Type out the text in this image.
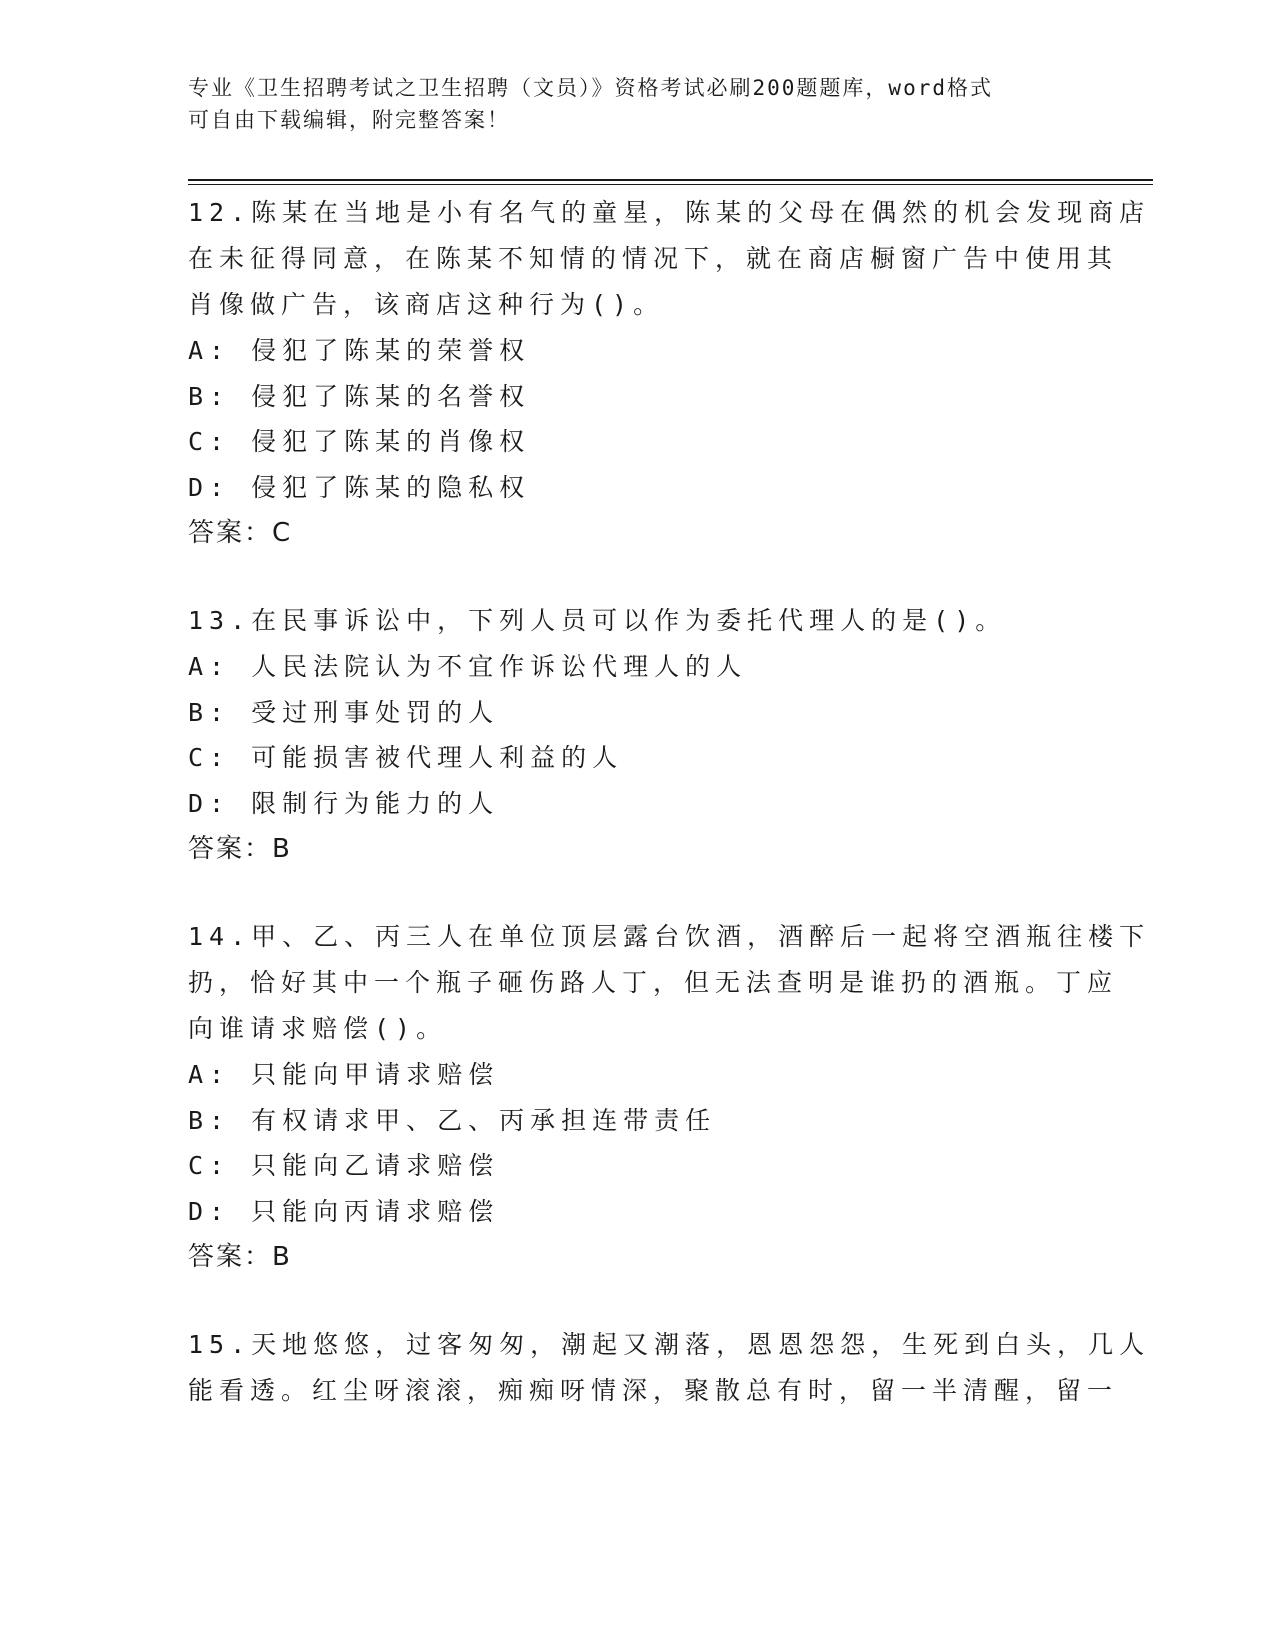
专业《卫生招聘考试之卫生招聘（文员）》资格考试必刷200题题库，word格式
可自由下载编辑，附完整答案！
12.陈某在当地是小有名气的童星，陈某的父母在偶然的机会发现商店
在未征得同意，在陈某不知情的情况下，就在商店橱窗广告中使用其
肖像做广告，该商店这种行为()。
A: 侵犯了陈某的荣誉权
B: 侵犯了陈某的名誉权
C: 侵犯了陈某的肖像权
D: 侵犯了陈某的隐私权
答案：C
13.在民事诉讼中，下列人员可以作为委托代理人的是()。
A: 人民法院认为不宜作诉讼代理人的人
B: 受过刑事处罚的人
C: 可能损害被代理人利益的人
D: 限制行为能力的人
答案：B
14.甲、乙、丙三人在单位顶层露台饮酒，酒醉后一起将空酒瓶往楼下
扔，恰好其中一个瓶子砸伤路人丁，但无法查明是谁扔的酒瓶。丁应
向谁请求赔偿()。
A: 只能向甲请求赔偿
B: 有权请求甲、乙、丙承担连带责任
C: 只能向乙请求赔偿
D: 只能向丙请求赔偿
答案：B
15.天地悠悠，过客匆匆，潮起又潮落，恩恩怨怨，生死到白头，几人
能看透。红尘呀滚滚，痴痴呀情深，聚散总有时，留一半清醒，留一
